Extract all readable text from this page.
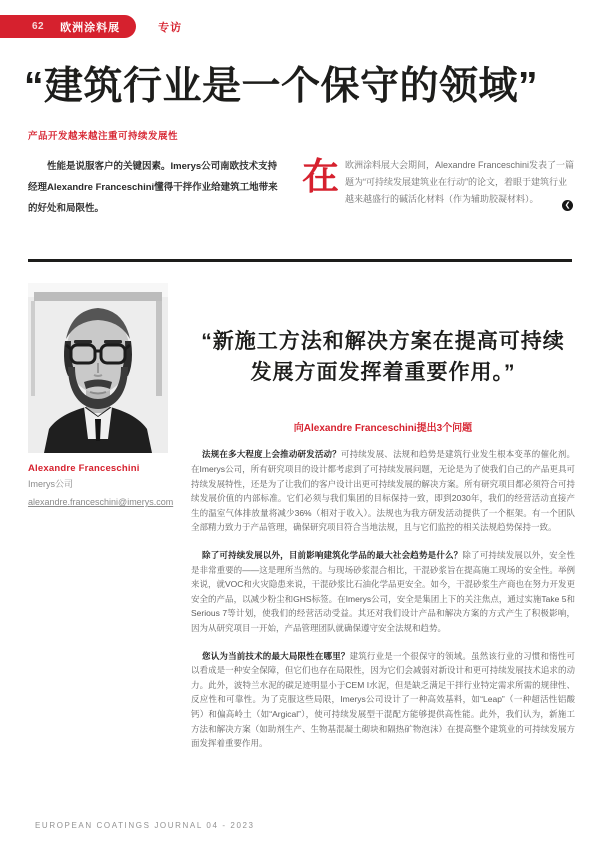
62 欧洲涂料展	专访
“建筑行业是一个保守的领域”
产品开发越来越注重可持续发展性
性能是说服客户的关键因素。Imerys公司南欧技术支持经理Alexandre Franceschini懂得干拌作业给建筑工地带来的好处和局限性。
在欧洲涂料展大会期间，Alexandre Franceschini发表了一篇题为“可持续发展建筑业在行动”的论文，着眼于建筑行业越来越盛行的碱活化材料（作为辅助胶凝材料）。
❮
Alexandre Franceschini
Imerys公司
alexandre.franceschini@imerys.com
“新施工方法和解决方案在提高可持续发展方面发挥着重要作用。”
向Alexandre Franceschini提出3个问题

法规在多大程度上会推动研发活动？可持续发展、法规和趋势是建筑行业发生根本变革的催化剂。在Imerys公司，所有研究项目的设计都考虑到了可持续发展问题，无论是为了使我们自己的产品更具可持续发展特性，还是为了让我们的客户设计出更可持续发展的解决方案。所有研究项目都必须符合可持续发展价值的内部标准。它们必须与我们集团的目标保持一致，即到2030年，我们的经营活动直接产生的温室气体排放量将减少36%（相对于收入）。法规也为我方研发活动提供了一个框架。有一个团队全部精力致力于产品管理，确保研究项目符合当地法规，且与它们监控的相关法规趋势保持一致。

除了可持续发展以外，目前影响建筑化学品的最大社会趋势是什么？除了可持续发展以外，安全性是非常重要的——这是理所当然的。与现场砂浆混合相比，干混砂浆旨在提高施工现场的安全性。举例来说，就VOC和火灾隐患来说，干混砂浆比石油化学品更安全。如今，干混砂浆生产商也在努力开发更安全的产品，以减少粉尘和GHS标签。在Imerys公司，安全是集团上下的关注焦点，通过实施Take 5和Serious 7等计划，使我们的经营活动受益。其还对我们设计产品和解决方案的方式产生了积极影响，因为从研究项目一开始，产品管理团队就确保遵守安全法规和趋势。

您认为当前技术的最大局限性在哪里？建筑行业是一个很保守的领域。虽然该行业的习惯和惰性可以看成是一种安全保障，但它们也存在局限性，因为它们会减弱对新设计和更可持续发展技术追求的动力。此外，波特兰水泥的碳足迹明显小于CEM I水泥，但是缺乏满足干拌行业特定需求所需的规律性、反应性和可靠性。为了克服这些局限，Imerys公司设计了一种高效基料，如“Leap”（一种超活性铝酸钙）和偏高岭土（如“Argical”），使可持续发展型干混配方能够提供高性能。此外，我们认为，新施工方法和解决方案（如助剂生产、生物基混凝土砌块和隔热矿物泡沫）在提高整个建筑业的可持续发展方面发挥着重要作用。

EUROPEAN COATINGS JOURNAL 04 - 2023
